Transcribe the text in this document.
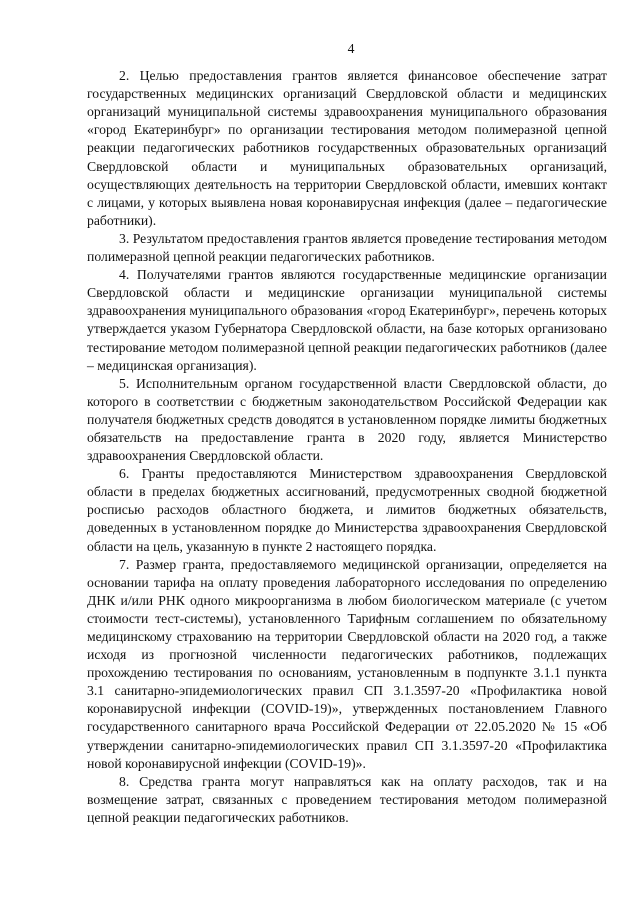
4

2. Целью предоставления грантов является финансовое обеспечение затрат государственных медицинских организаций Свердловской области и медицинских организаций муниципальной системы здравоохранения муниципального образования «город Екатеринбург» по организации тестирования методом полимеразной цепной реакции педагогических работников государственных образовательных организаций Свердловской области и муниципальных образовательных организаций, осуществляющих деятельность на территории Свердловской области, имевших контакт с лицами, у которых выявлена новая коронавирусная инфекция (далее – педагогические работники).

3. Результатом предоставления грантов является проведение тестирования методом полимеразной цепной реакции педагогических работников.

4. Получателями грантов являются государственные медицинские организации Свердловской области и медицинские организации муниципальной системы здравоохранения муниципального образования «город Екатеринбург», перечень которых утверждается указом Губернатора Свердловской области, на базе которых организовано тестирование методом полимеразной цепной реакции педагогических работников (далее – медицинская организация).

5. Исполнительным органом государственной власти Свердловской области, до которого в соответствии с бюджетным законодательством Российской Федерации как получателя бюджетных средств доводятся в установленном порядке лимиты бюджетных обязательств на предоставление гранта в 2020 году, является Министерство здравоохранения Свердловской области.

6. Гранты предоставляются Министерством здравоохранения Свердловской области в пределах бюджетных ассигнований, предусмотренных сводной бюджетной росписью расходов областного бюджета, и лимитов бюджетных обязательств, доведенных в установленном порядке до Министерства здравоохранения Свердловской области на цель, указанную в пункте 2 настоящего порядка.

7. Размер гранта, предоставляемого медицинской организации, определяется на основании тарифа на оплату проведения лабораторного исследования по определению ДНК и/или РНК одного микроорганизма в любом биологическом материале (с учетом стоимости тест-системы), установленного Тарифным соглашением по обязательному медицинскому страхованию на территории Свердловской области на 2020 год, а также исходя из прогнозной численности педагогических работников, подлежащих прохождению тестирования по основаниям, установленным в подпункте 3.1.1 пункта 3.1 санитарно-эпидемиологических правил СП 3.1.3597-20 «Профилактика новой коронавирусной инфекции (COVID-19)», утвержденных постановлением Главного государственного санитарного врача Российской Федерации от 22.05.2020 № 15 «Об утверждении санитарно-эпидемиологических правил СП 3.1.3597-20 «Профилактика новой коронавирусной инфекции (COVID-19)».

8. Средства гранта могут направляться как на оплату расходов, так и на возмещение затрат, связанных с проведением тестирования методом полимеразной цепной реакции педагогических работников.
